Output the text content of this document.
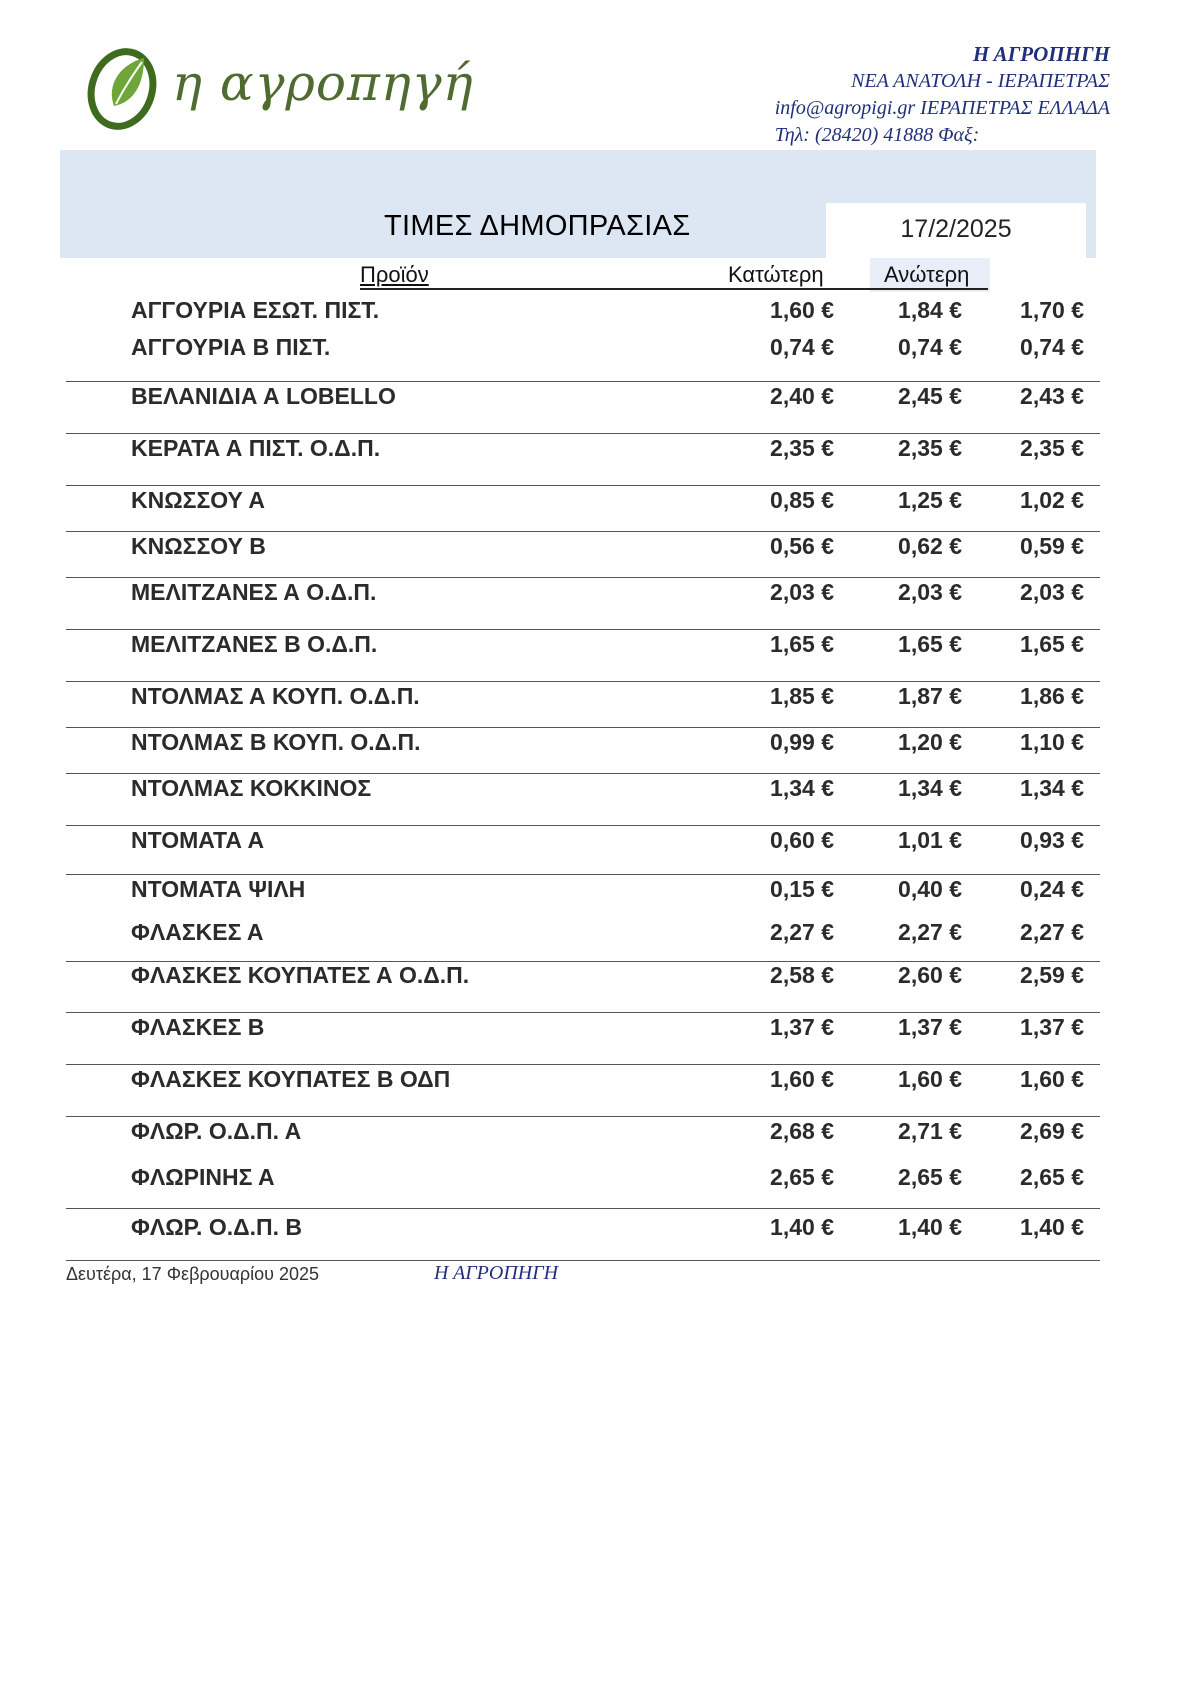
η αγροπηγή	Η ΑΓΡΟΠΗΓΗ
ΝΕΑ ΑΝΑΤΟΛΗ - ΙΕΡΑΠΕΤΡΑΣ
info@agropigi.gr ΙΕΡΑΠΕΤΡΑΣ ΕΛΛΑΔΑ
Τηλ: (28420) 41888 Φαξ:
ΤΙΜΕΣ ΔΗΜΟΠΡΑΣΙΑΣ	17/2/2025
Προϊόν	Κατώτερη	Ανώτερη
ΑΓΓΟΥΡΙΑ ΕΣΩΤ. ΠΙΣΤ.	1,60 €	1,84 €	1,70 €
ΑΓΓΟΥΡΙΑ Β ΠΙΣΤ.	0,74 €	0,74 €	0,74 €
ΒΕΛΑΝΙΔΙΑ Α LOBELLO	2,40 €	2,45 €	2,43 €
ΚΕΡΑΤΑ Α ΠΙΣΤ. Ο.Δ.Π.	2,35 €	2,35 €	2,35 €
ΚΝΩΣΣΟΥ Α	0,85 €	1,25 €	1,02 €
ΚΝΩΣΣΟΥ Β	0,56 €	0,62 €	0,59 €
ΜΕΛΙΤΖΑΝΕΣ Α Ο.Δ.Π.	2,03 €	2,03 €	2,03 €
ΜΕΛΙΤΖΑΝΕΣ Β Ο.Δ.Π.	1,65 €	1,65 €	1,65 €
ΝΤΟΛΜΑΣ Α ΚΟΥΠ. Ο.Δ.Π.	1,85 €	1,87 €	1,86 €
ΝΤΟΛΜΑΣ Β ΚΟΥΠ. Ο.Δ.Π.	0,99 €	1,20 €	1,10 €
ΝΤΟΛΜΑΣ ΚΟΚΚΙΝΟΣ	1,34 €	1,34 €	1,34 €
ΝΤΟΜΑΤΑ Α	0,60 €	1,01 €	0,93 €
ΝΤΟΜΑΤΑ ΨΙΛΗ	0,15 €	0,40 €	0,24 €
ΦΛΑΣΚΕΣ Α	2,27 €	2,27 €	2,27 €
ΦΛΑΣΚΕΣ ΚΟΥΠΑΤΕΣ Α Ο.Δ.Π.	2,58 €	2,60 €	2,59 €
ΦΛΑΣΚΕΣ Β	1,37 €	1,37 €	1,37 €
ΦΛΑΣΚΕΣ ΚΟΥΠΑΤΕΣ Β ΟΔΠ	1,60 €	1,60 €	1,60 €
ΦΛΩΡ. Ο.Δ.Π. Α	2,68 €	2,71 €	2,69 €
ΦΛΩΡΙΝΗΣ Α	2,65 €	2,65 €	2,65 €
ΦΛΩΡ. Ο.Δ.Π. Β	1,40 €	1,40 €	1,40 €
Δευτέρα, 17 Φεβρουαρίου 2025	Η ΑΓΡΟΠΗΓΗ
